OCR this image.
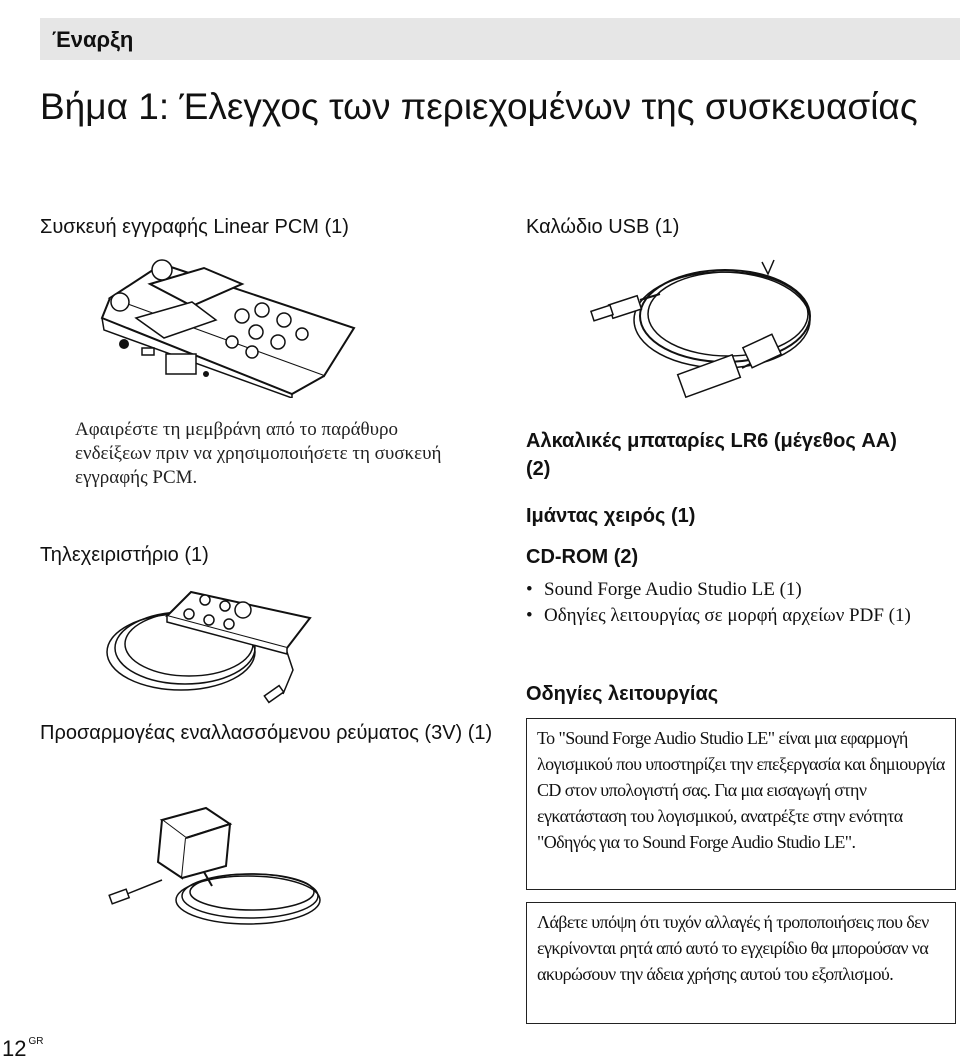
Έναρξη
Βήμα 1: Έλεγχος των περιεχομένων της συσκευασίας
Συσκευή εγγραφής Linear PCM (1)	Καλώδιο USB (1)
Αφαιρέστε τη μεμβράνη από το παράθυρο ενδείξεων πριν να χρησιμοποιήσετε τη συσκευή εγγραφής PCM.
Αλκαλικές μπαταρίες LR6 (μέγεθος AA) (2)
Ιμάντας χειρός (1)
Τηλεχειριστήριο (1)	CD-ROM (2)
• Sound Forge Audio Studio LE (1)
• Οδηγίες λειτουργίας σε μορφή αρχείων PDF (1)
Οδηγίες λειτουργίας
Προσαρμογέας εναλλασσόμενου ρεύματος (3V) (1)	Το "Sound Forge Audio Studio LE" είναι μια εφαρμογή λογισμικού που υποστηρίζει την επεξεργασία και δημιουργία CD στον υπολογιστή σας. Για μια εισαγωγή στην εγκατάσταση του λογισμικού, ανατρέξτε στην ενότητα "Οδηγός για το Sound Forge Audio Studio LE".
Λάβετε υπόψη ότι τυχόν αλλαγές ή τροποποιήσεις που δεν εγκρίνονται ρητά από αυτό το εγχειρίδιο θα μπορούσαν να ακυρώσουν την άδεια χρήσης αυτού του εξοπλισμού.
12 $^{GR}$
